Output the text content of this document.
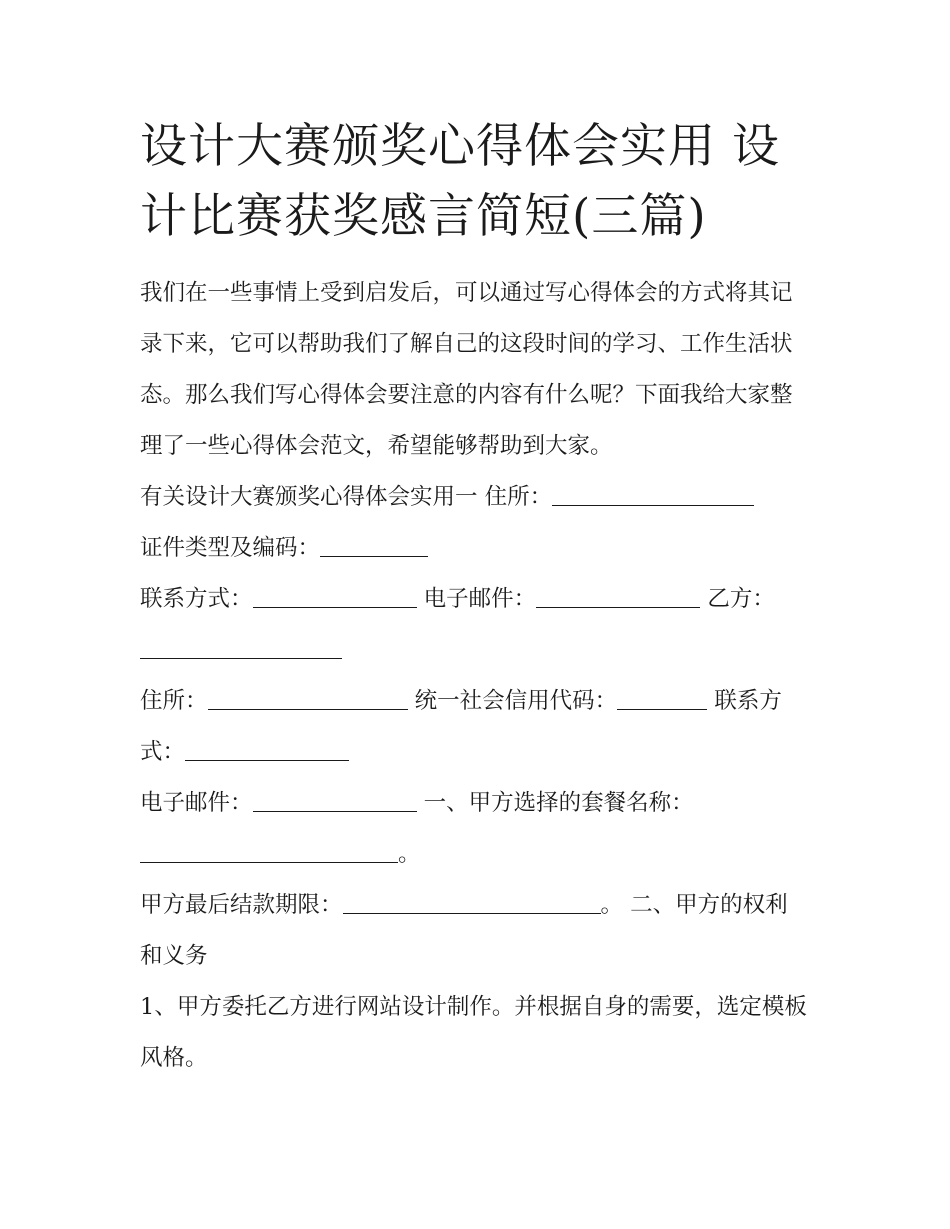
设计大赛颁奖心得体会实用 设计比赛获奖感言简短(三篇)

我们在一些事情上受到启发后，可以通过写心得体会的方式将其记录下来，它可以帮助我们了解自己的这段时间的学习、工作生活状态。那么我们写心得体会要注意的内容有什么呢？下面我给大家整理了一些心得体会范文，希望能够帮助到大家。

有关设计大赛颁奖心得体会实用一 住所：

证件类型及编码：

联系方式：	电子邮件：	乙方：

住所：	统一社会信用代码：	联系方式：

电子邮件：	一、甲方选择的套餐名称：。

甲方最后结款期限：	。 二、甲方的权利和义务

1、甲方委托乙方进行网站设计制作。并根据自身的需要，选定模板风格。
